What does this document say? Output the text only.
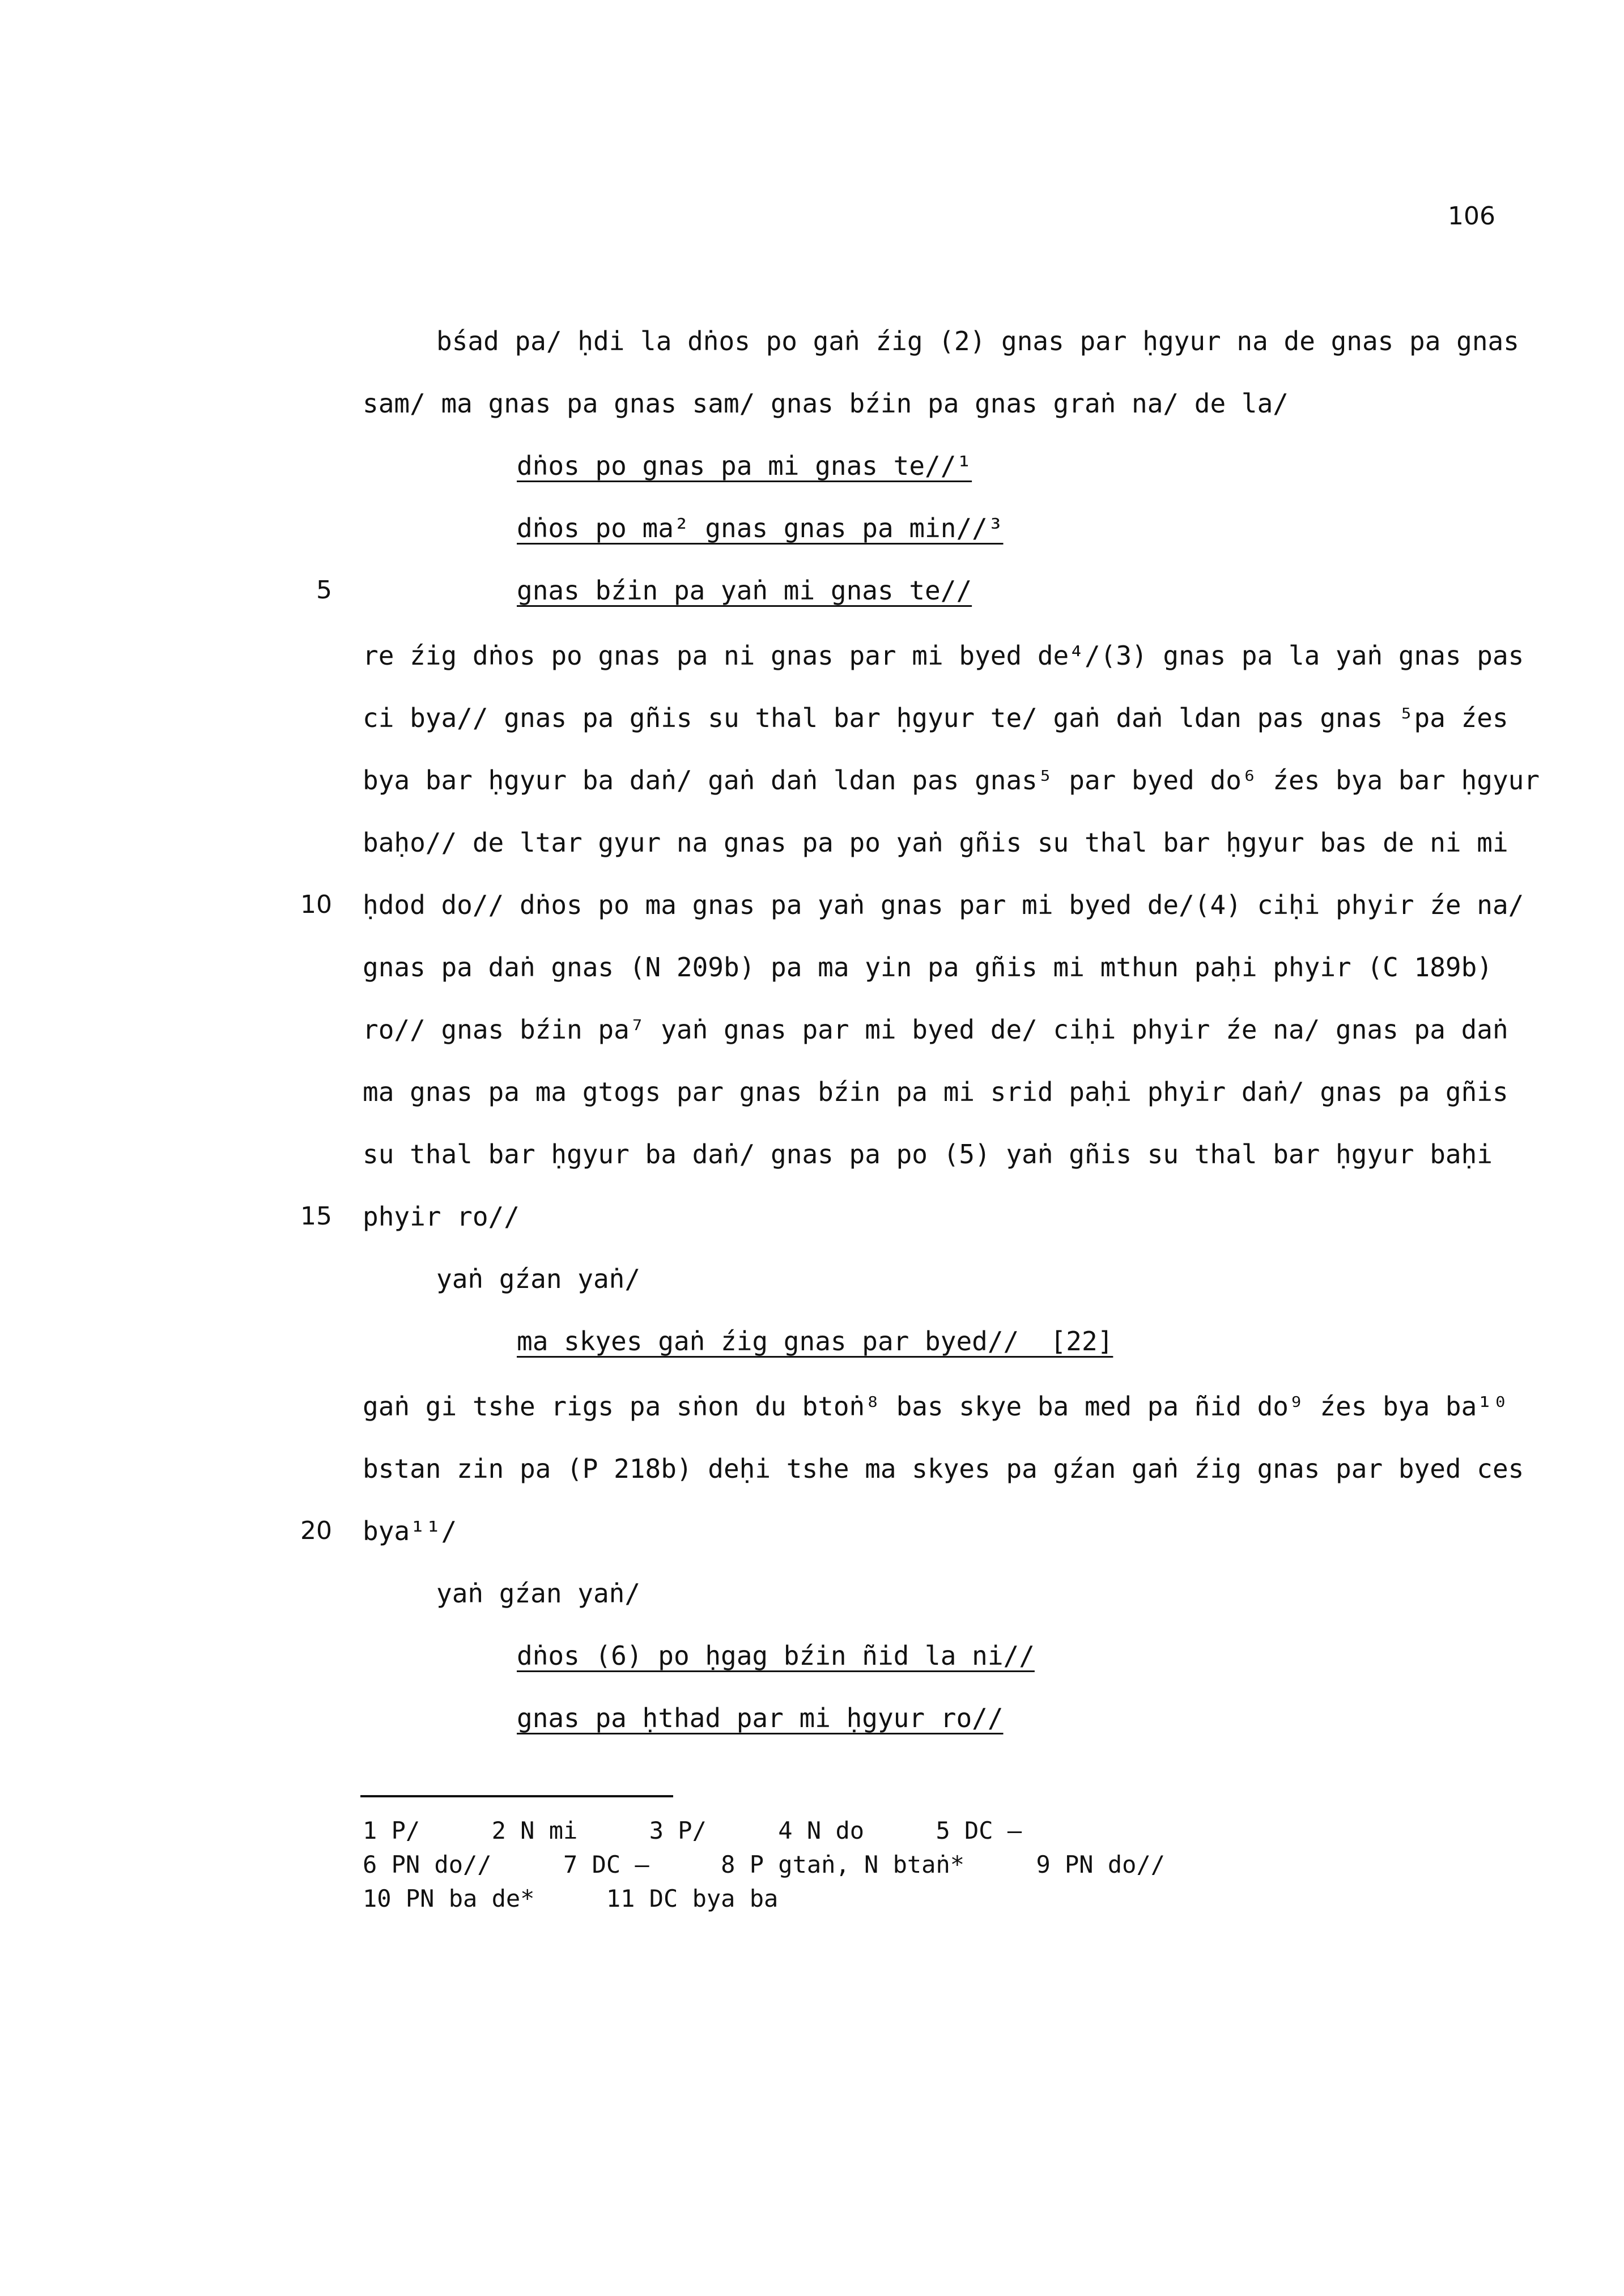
106
bśad pa/ ḥdi la dṅos po gaṅ źig (2) gnas par ḥgyur na de gnas pa gnas
sam/ ma gnas pa gnas sam/ gnas bźin pa gnas graṅ na/ de la/
dṅos po gnas pa mi gnas te//¹
dṅos po ma² gnas gnas pa min//³
gnas bźin pa yaṅ mi gnas te//
re źig dṅos po gnas pa ni gnas par mi byed de⁴/(3) gnas pa la yaṅ gnas pas
ci bya// gnas pa gñis su thal bar ḥgyur te/ gaṅ daṅ ldan pas gnas ⁵pa źes
bya bar ḥgyur ba daṅ/ gaṅ daṅ ldan pas gnas⁵ par byed do⁶ źes bya bar ḥgyur
baḥo// de ltar gyur na gnas pa po yaṅ gñis su thal bar ḥgyur bas de ni mi
ḥdod do// dṅos po ma gnas pa yaṅ gnas par mi byed de/(4) ciḥi phyir źe na/
gnas pa daṅ gnas (N 209b) pa ma yin pa gñis mi mthun paḥi phyir (C 189b)
ro// gnas bźin pa⁷ yaṅ gnas par mi byed de/ ciḥi phyir źe na/ gnas pa daṅ
ma gnas pa ma gtogs par gnas bźin pa mi srid paḥi phyir daṅ/ gnas pa gñis
su thal bar ḥgyur ba daṅ/ gnas pa po (5) yaṅ gñis su thal bar ḥgyur baḥi
phyir ro//
yaṅ gźan yaṅ/
ma skyes gaṅ źig gnas par byed//  [22]
gaṅ gi tshe rigs pa sṅon du btoṅ⁸ bas skye ba med pa ñid do⁹ źes bya ba¹⁰
bstan zin pa (P 218b) deḥi tshe ma skyes pa gźan gaṅ źig gnas par byed ces
bya¹¹/
yaṅ gźan yaṅ/
dṅos (6) po ḥgag bźin ñid la ni//
gnas pa ḥthad par mi ḥgyur ro//
5
10
15
20
1 P/     2 N mi     3 P/     4 N do     5 DC —
6 PN do//     7 DC —     8 P gtaṅ, N btaṅ*     9 PN do//
10 PN ba de*     11 DC bya ba
